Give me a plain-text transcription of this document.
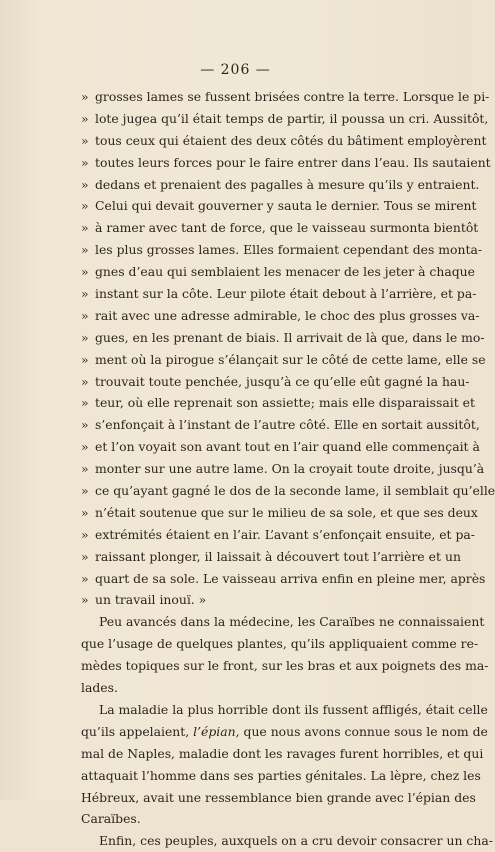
— 206 —
» grosses lames se fussent brisées contre la terre. Lorsque le pi-
» lote jugea qu’il était temps de partir, il poussa un cri. Aussitôt,
» tous ceux qui étaient des deux côtés du bâtiment employèrent
» toutes leurs forces pour le faire entrer dans l’eau. Ils sautaient
» dedans et prenaient des pagalles à mesure qu’ils y entraient.
» Celui qui devait gouverner y sauta le dernier. Tous se mirent
» à ramer avec tant de force, que le vaisseau surmonta bientôt
» les plus grosses lames. Elles formaient cependant des monta-
» gnes d’eau qui semblaient les menacer de les jeter à chaque
» instant sur la côte. Leur pilote était debout à l’arrière, et pa-
» rait avec une adresse admirable, le choc des plus grosses va-
» gues, en les prenant de biais. Il arrivait de là que, dans le mo-
» ment où la pirogue s’élançait sur le côté de cette lame, elle se
» trouvait toute penchée, jusqu’à ce qu’elle eût gagné la hau-
» teur, où elle reprenait son assiette; mais elle disparaissait et
» s’enfonçait à l’instant de l’autre côté. Elle en sortait aussitôt,
» et l’on voyait son avant tout en l’air quand elle commençait à
» monter sur une autre lame. On la croyait toute droite, jusqu’à
» ce qu’ayant gagné le dos de la seconde lame, il semblait qu’elle
» n’était soutenue que sur le milieu de sa sole, et que ses deux
» extrémités étaient en l’air. L’avant s’enfonçait ensuite, et pa-
» raissant plonger, il laissait à découvert tout l’arrière et un
» quart de sa sole. Le vaisseau arriva enfin en pleine mer, après
» un travail inouï. »
Peu avancés dans la médecine, les Caraïbes ne connaissaient
que l’usage de quelques plantes, qu’ils appliquaient comme re-
mèdes topiques sur le front, sur les bras et aux poignets des ma-
lades.
La maladie la plus horrible dont ils fussent affligés, était celle
qu’ils appelaient, l’épian, que nous avons connue sous le nom de
mal de Naples, maladie dont les ravages furent horribles, et qui
attaquait l’homme dans ses parties génitales. La lèpre, chez les
Hébreux, avait une ressemblance bien grande avec l’épian des
Caraïbes.
Enfin, ces peuples, auxquels on a cru devoir consacrer un cha-
